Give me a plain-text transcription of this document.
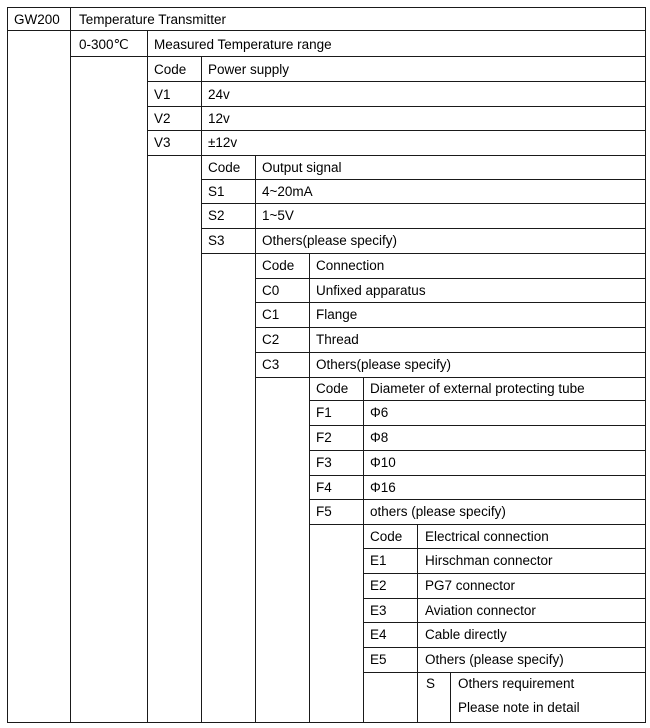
GW200 Temperature Transmitter
0-300℃ Measured Temperature range
Code Power supply
V1	24v
V2	12v
V3	±12v
Code Output signal
S1	4~20mA
S2	1~5V
S3	Others(please specify)
Code Connection
C0	Unfixed apparatus
C1	Flange
C2	Thread
C3	Others(please specify)
Code Diameter of external protecting tube
F1	Φ6
F2	Φ8
F3	Φ10
F4	Φ16
F5	others (please specify)
Code Electrical connection
E1	Hirschman connector
E2	PG7 connector
E3	Aviation connector
E4	Cable directly
E5	Others (please specify)
S Others requirement
Please note in detail
